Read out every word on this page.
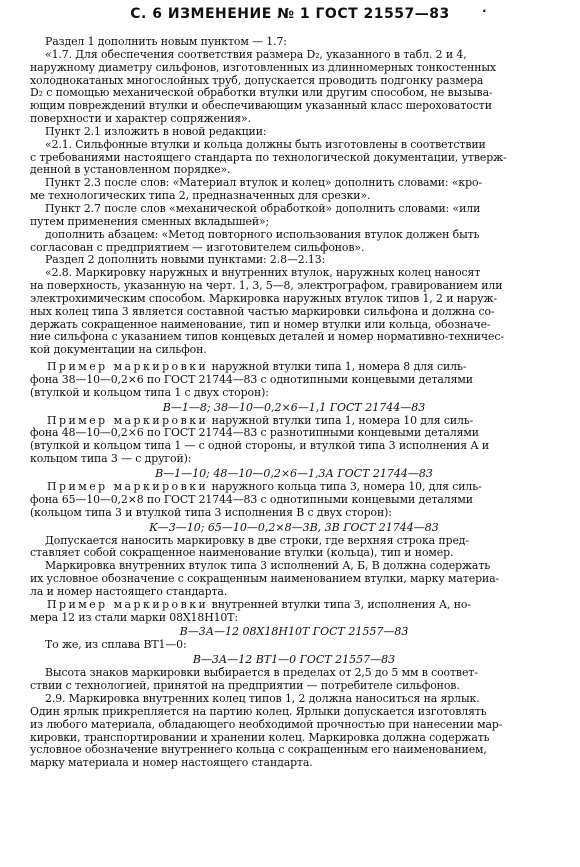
С. 6 ИЗМЕНЕНИЕ № 1 ГОСТ 21557—83	·
Раздел 1 дополнить новым пунктом — 1.7:
«1.7. Для обеспечения соответствия размера D₂, указанного в табл. 2 и 4,
наружному диаметру сильфонов, изготовленных из длинномерных тонкостенных
холоднокатаных многослойных труб, допускается проводить подгонку размера
D₂ с помощью механической обработки втулки или другим способом, не вызыва-
ющим повреждений втулки и обеспечивающим указанный класс шероховатости
поверхности и характер сопряжения».
Пункт 2.1 изложить в новой редакции:
«2.1. Сильфонные втулки и кольца должны быть изготовлены в соответствии
с требованиями настоящего стандарта по технологической документации, утверж-
денной в установленном порядке».
Пункт 2.3 после слов: «Материал втулок и колец» дополнить словами: «кро-
ме технологических типа 2, предназначенных для срезки».
Пункт 2.7 после слов «механической обработкой» дополнить словами: «или
путем применения сменных вкладышей»;
дополнить абзацем: «Метод повторного использования втулок должен быть
согласован с предприятием — изготовителем сильфонов».
Раздел 2 дополнить новыми пунктами: 2.8—2.13:
«2.8. Маркировку наружных и внутренних втулок, наружных колец наносят
на поверхность, указанную на черт. 1, 3, 5—8, электрографом, гравированием или
электрохимическим способом. Маркировка наружных втулок типов 1, 2 и наруж-
ных колец типа 3 является составной частью маркировки сильфона и должна со-
держать сокращенное наименование, тип и номер втулки или кольца, обозначе-
ние сильфона с указанием типов концевых деталей и номер нормативно-техничес-
кой документации на сильфон.
Пример маркировки наружной втулки типа 1, номера 8 для силь-
фона 38—10—0,2×6 по ГОСТ 21744—83 с однотипными концевыми деталями
(втулкой и кольцом типа 1 с двух сторон):
В—1—8; 38—10—0,2×6—1,1 ГОСТ 21744—83
Пример маркировки наружной втулки типа 1, номера 10 для силь-
фона 48—10—0,2×6 по ГОСТ 21744—83 с разнотипными концевыми деталями
(втулкой и кольцом типа 1 — с одной стороны, и втулкой типа 3 исполнения А и
кольцом типа 3 — с другой):
В—1—10; 48—10—0,2×6—1,3А ГОСТ 21744—83
Пример маркировки наружного кольца типа 3, номера 10, для силь-
фона 65—10—0,2×8 по ГОСТ 21744—83 с однотипными концевыми деталями
(кольцом типа 3 и втулкой типа 3 исполнения В с двух сторон):
К—3—10; 65—10—0,2×8—3В, 3В ГОСТ 21744—83
Допускается наносить маркировку в две строки, где верхняя строка пред-
ставляет собой сокращенное наименование втулки (кольца), тип и номер.
Маркировка внутренних втулок типа 3 исполнений А, Б, В должна содержать
их условное обозначение с сокращенным наименованием втулки, марку материа-
ла и номер настоящего стандарта.
Пример маркировки внутренней втулки типа 3, исполнения А, но-
мера 12 из стали марки 08Х18Н10Т:
В—3А—12 08Х18Н10Т ГОСТ 21557—83
То же, из сплава ВТ1—0:
В—3А—12 ВТ1—0 ГОСТ 21557—83
Высота знаков маркировки выбирается в пределах от 2,5 до 5 мм в соответ-
ствии с технологией, принятой на предприятии — потребителе сильфонов.
2.9. Маркировка внутренних колец типов 1, 2 должна наноситься на ярлык.
Один ярлык прикрепляется на партию колец. Ярлыки допускается изготовлять
из любого материала, обладающего необходимой прочностью при нанесении мар-
кировки, транспортировании и хранении колец. Маркировка должна содержать
условное обозначение внутреннего кольца с сокращенным его наименованием,
марку материала и номер настоящего стандарта.
